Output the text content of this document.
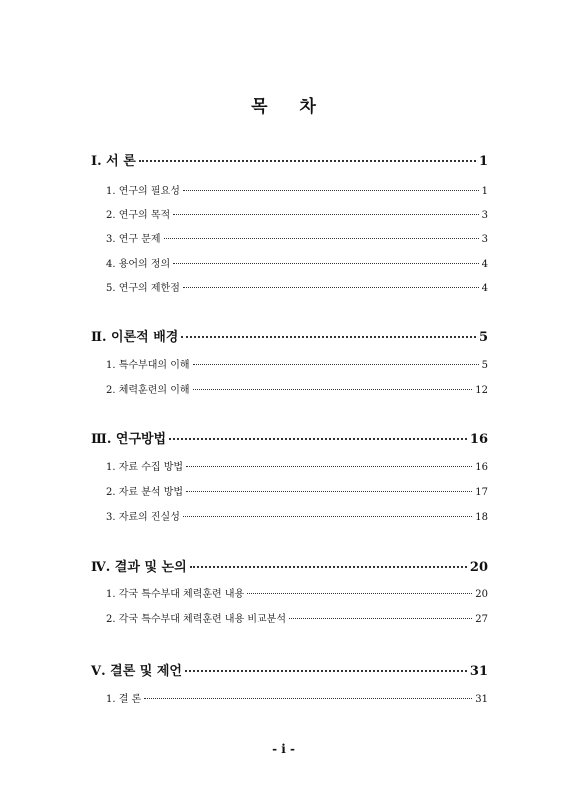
목 차
Ⅰ. 서 론	1
1. 연구의 필요성	1
2. 연구의 목적	3
3. 연구 문제	3
4. 용어의 정의	4
5. 연구의 제한점	4
Ⅱ. 이론적 배경	5
1. 특수부대의 이해	5
2. 체력훈련의 이해	12
Ⅲ. 연구방법	16
1. 자료 수집 방법	16
2. 자료 분석 방법	17
3. 자료의 진실성	18
Ⅳ. 결과 및 논의	20
1. 각국 특수부대 체력훈련 내용	20
2. 각국 특수부대 체력훈련 내용 비교분석	27
Ⅴ. 결론 및 제언	31
1. 결 론	31
- i -
